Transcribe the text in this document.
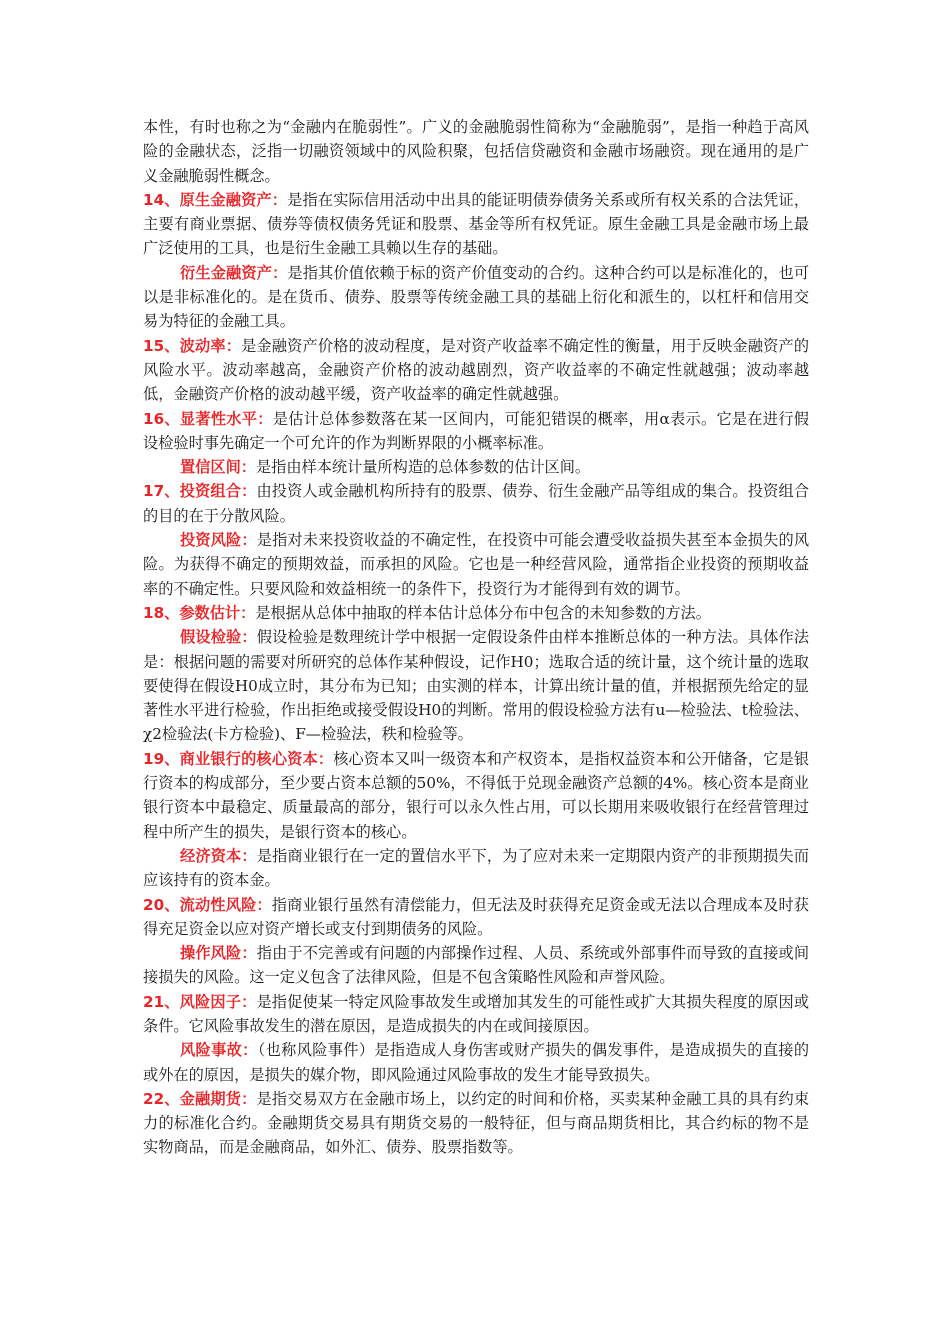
本性，有时也称之为“金融内在脆弱性”。广义的金融脆弱性简称为“金融脆弱”，是指一种趋于高风险的金融状态，泛指一切融资领域中的风险积聚，包括信贷融资和金融市场融资。现在通用的是广义金融脆弱性概念。

14、原生金融资产：是指在实际信用活动中出具的能证明债券债务关系或所有权关系的合法凭证，主要有商业票据、债券等债权债务凭证和股票、基金等所有权凭证。原生金融工具是金融市场上最广泛使用的工具，也是衍生金融工具赖以生存的基础。

衍生金融资产：是指其价值依赖于标的资产价值变动的合约。这种合约可以是标准化的，也可以是非标准化的。是在货币、债券、股票等传统金融工具的基础上衍化和派生的，以杠杆和信用交易为特征的金融工具。

15、波动率：是金融资产价格的波动程度，是对资产收益率不确定性的衡量，用于反映金融资产的风险水平。波动率越高，金融资产价格的波动越剧烈，资产收益率的不确定性就越强；波动率越低，金融资产价格的波动越平缓，资产收益率的确定性就越强。

16、显著性水平：是估计总体参数落在某一区间内，可能犯错误的概率，用α表示。它是在进行假设检验时事先确定一个可允许的作为判断界限的小概率标准。

置信区间：是指由样本统计量所构造的总体参数的估计区间。

17、投资组合：由投资人或金融机构所持有的股票、债券、衍生金融产品等组成的集合。投资组合的目的在于分散风险。

投资风险：是指对未来投资收益的不确定性，在投资中可能会遭受收益损失甚至本金损失的风险。为获得不确定的预期效益，而承担的风险。它也是一种经营风险，通常指企业投资的预期收益率的不确定性。只要风险和效益相统一的条件下，投资行为才能得到有效的调节。

18、参数估计：是根据从总体中抽取的样本估计总体分布中包含的未知参数的方法。

假设检验：假设检验是数理统计学中根据一定假设条件由样本推断总体的一种方法。具体作法是：根据问题的需要对所研究的总体作某种假设，记作H0；选取合适的统计量，这个统计量的选取要使得在假设H0成立时，其分布为已知；由实测的样本，计算出统计量的值，并根据预先给定的显著性水平进行检验，作出拒绝或接受假设H0的判断。常用的假设检验方法有u—检验法、t检验法、χ2检验法(卡方检验)、F—检验法，秩和检验等。

19、商业银行的核心资本：核心资本又叫一级资本和产权资本，是指权益资本和公开储备，它是银行资本的构成部分，至少要占资本总额的50%，不得低于兑现金融资产总额的4%。核心资本是商业银行资本中最稳定、质量最高的部分，银行可以永久性占用，可以长期用来吸收银行在经营管理过程中所产生的损失，是银行资本的核心。

经济资本：是指商业银行在一定的置信水平下，为了应对未来一定期限内资产的非预期损失而应该持有的资本金。

20、流动性风险：指商业银行虽然有清偿能力，但无法及时获得充足资金或无法以合理成本及时获得充足资金以应对资产增长或支付到期债务的风险。

操作风险：指由于不完善或有问题的内部操作过程、人员、系统或外部事件而导致的直接或间接损失的风险。这一定义包含了法律风险，但是不包含策略性风险和声誉风险。

21、风险因子：是指促使某一特定风险事故发生或增加其发生的可能性或扩大其损失程度的原因或条件。它风险事故发生的潜在原因，是造成损失的内在或间接原因。

风险事故：（也称风险事件）是指造成人身伤害或财产损失的偶发事件，是造成损失的直接的或外在的原因，是损失的媒介物，即风险通过风险事故的发生才能导致损失。

22、金融期货：是指交易双方在金融市场上，以约定的时间和价格，买卖某种金融工具的具有约束力的标准化合约。金融期货交易具有期货交易的一般特征，但与商品期货相比，其合约标的物不是实物商品，而是金融商品，如外汇、债券、股票指数等。
